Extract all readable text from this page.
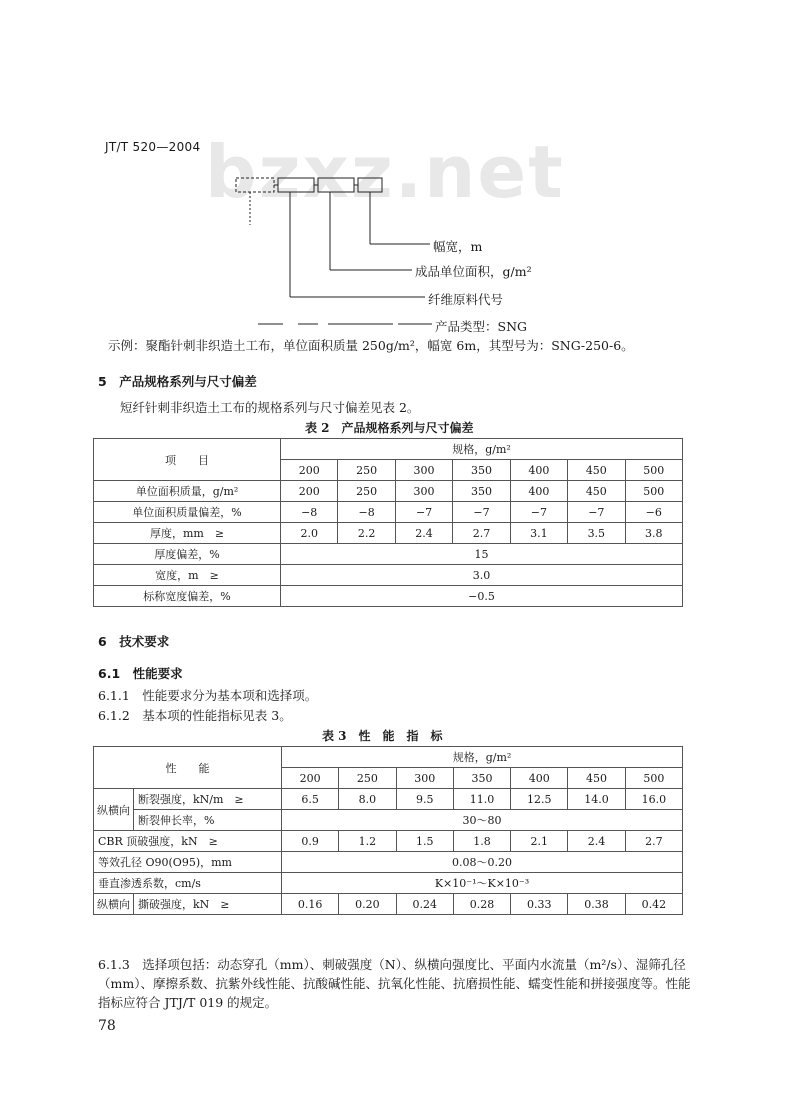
bzxz.net
JT/T 520—2004
幅宽，m
成品单位面积，g/m²
纤维原料代号
产品类型：SNG
示例：聚酯针刺非织造土工布，单位面积质量 250g/m²，幅宽 6m，其型号为：SNG-250-6。
5　产品规格系列与尺寸偏差
短纤针刺非织造土工布的规格系列与尺寸偏差见表 2。
表 2　产品规格系列与尺寸偏差
项　　目	规格，g/m²						
	200	250	300	350	400	450	500
单位面积质量，g/m²	200	250	300	350	400	450	500
单位面积质量偏差，%	−8	−8	−7	−7	−7	−7	−6
厚度，mm　≥	2.0	2.2	2.4	2.7	3.1	3.5	3.8
厚度偏差，%	15						
宽度，m　≥	3.0						
标称宽度偏差，%	−0.5						
6　技术要求
6.1　性能要求
6.1.1　性能要求分为基本项和选择项。
6.1.2　基本项的性能指标见表 3。
表 3　性　能　指　标
性　　能		规格，g/m²						
		200	250	300	350	400	450	500
纵横向	断裂强度，kN/m　≥	6.5	8.0	9.5	11.0	12.5	14.0	16.0
	断裂伸长率，%	30～80						
CBR 顶破强度，kN　≥		0.9	1.2	1.5	1.8	2.1	2.4	2.7
等效孔径 O90(O95)，mm		0.08～0.20						
垂直渗透系数，cm/s		K×10⁻¹～K×10⁻³						
纵横向	撕破强度，kN　≥	0.16	0.20	0.24	0.28	0.33	0.38	0.42
6.1.3　选择项包括：动态穿孔（mm）、刺破强度（N）、纵横向强度比、平面内水流量（m²/s）、湿筛孔径
（mm）、摩擦系数、抗紫外线性能、抗酸碱性能、抗氧化性能、抗磨损性能、蠕变性能和拼接强度等。性能
指标应符合 JTJ/T 019 的规定。
78
